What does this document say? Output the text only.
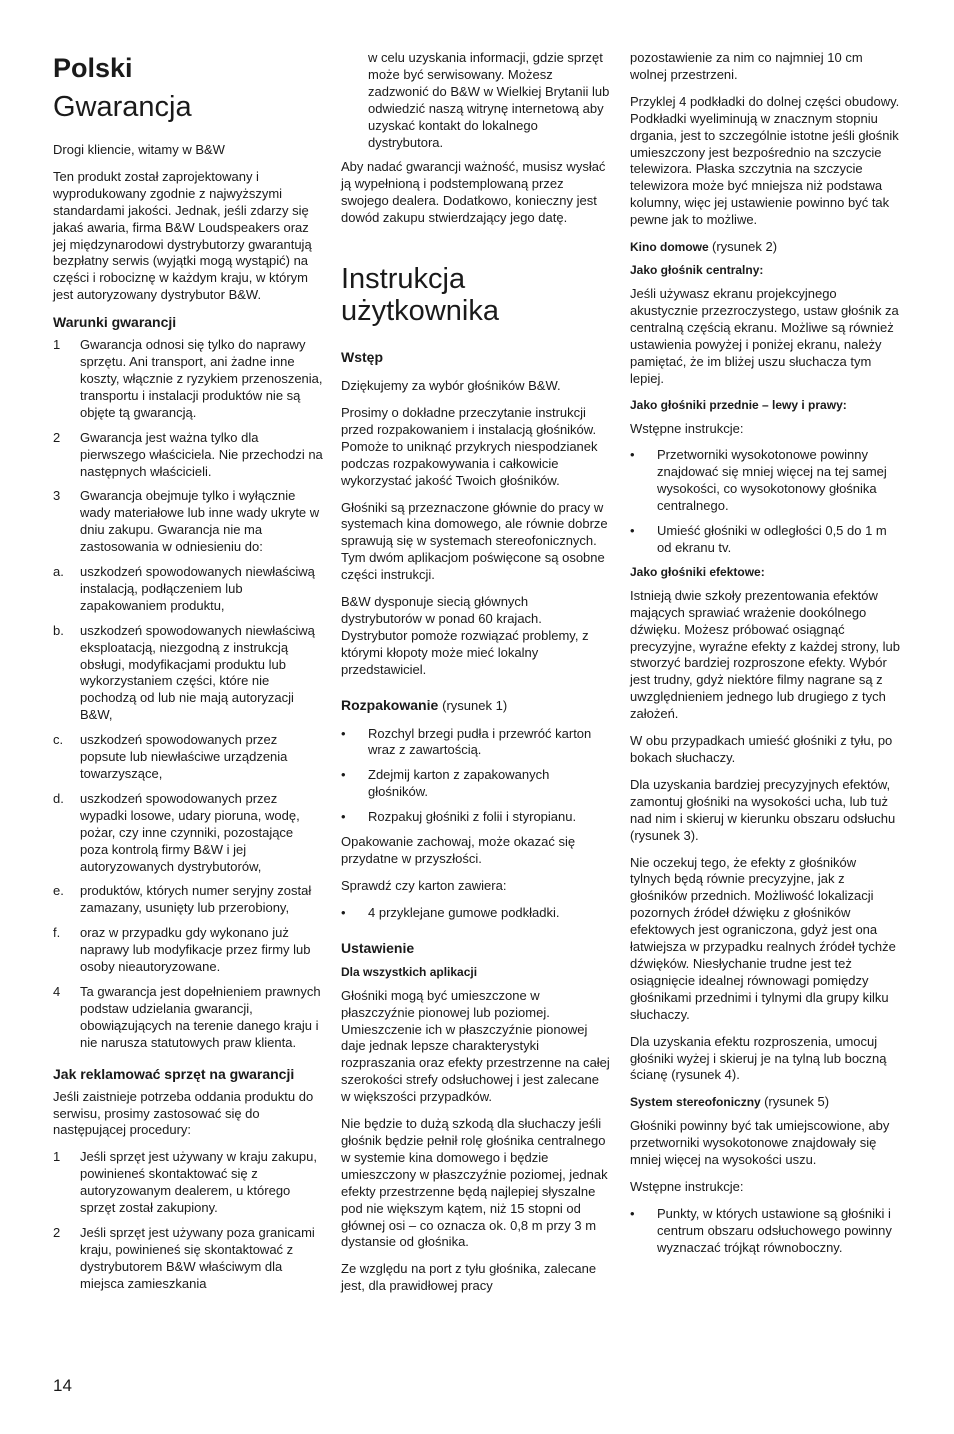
Polski
Gwarancja

Drogi kliencie, witamy w B&W

Ten produkt został zaprojektowany i wyprodukowany zgodnie z najwyższymi standardami jakości. Jednak, jeśli zdarzy się jakaś awaria, firma B&W Loudspeakers oraz jej międzynarodowi dystrybutorzy gwarantują bezpłatny serwis (wyjątki mogą wystąpić) na części i robociznę w każdym kraju, w którym jest autoryzowany dystrybutor B&W.

Warunki gwarancji
1 Gwarancja odnosi się tylko do naprawy sprzętu. Ani transport, ani żadne inne koszty, włącznie z ryzykiem przenoszenia, transportu i instalacji produktów nie są objęte tą gwarancją.
2 Gwarancja jest ważna tylko dla pierwszego właściciela. Nie przechodzi na następnych właścicieli.
3 Gwarancja obejmuje tylko i wyłącznie wady materiałowe lub inne wady ukryte w dniu zakupu. Gwarancja nie ma zastosowania w odniesieniu do:
a. uszkodzeń spowodowanych niewłaściwą instalacją, podłączeniem lub zapakowaniem produktu,
b. uszkodzeń spowodowanych niewłaściwą eksploatacją, niezgodną z instrukcją obsługi, modyfikacjami produktu lub wykorzystaniem części, które nie pochodzą od lub nie mają autoryzacji B&W,
c. uszkodzeń spowodowanych przez popsute lub niewłaściwe urządzenia towarzyszące,
d. uszkodzeń spowodowanych przez wypadki losowe, udary pioruna, wodę, pożar, czy inne czynniki, pozostające poza kontrolą firmy B&W i jej autoryzowanych dystrybutorów,
e. produktów, których numer seryjny został zamazany, usunięty lub przerobiony,
f. oraz w przypadku gdy wykonano już naprawy lub modyfikacje przez firmy lub osoby nieautoryzowane.
4 Ta gwarancja jest dopełnieniem prawnych podstaw udzielania gwarancji, obowiązujących na terenie danego kraju i nie narusza statutowych praw klienta.
Jak reklamować sprzęt na gwarancji

Jeśli zaistnieje potrzeba oddania produktu do serwisu, prosimy zastosować się do następującej procedury:

1 Jeśli sprzęt jest używany w kraju zakupu, powinieneś skontaktować się z autoryzowanym dealerem, u którego sprzęt został zakupiony.
2 Jeśli sprzęt jest używany poza granicami kraju, powinieneś się skontaktować z dystrybutorem B&W właściwym dla miejsca zamieszkania
w celu uzyskania informacji, gdzie sprzęt może być serwisowany. Możesz zadzwonić do B&W w Wielkiej Brytanii lub odwiedzić naszą witrynę internetową aby uzyskać kontakt do lokalnego dystrybutora.

Aby nadać gwarancji ważność, musisz wysłać ją wypełnioną i podstemplowaną przez swojego dealera. Dodatkowo, konieczny jest dowód zakupu stwierdzający jego datę.

Instrukcja użytkownika
Wstęp

Dziękujemy za wybór głośników B&W.

Prosimy o dokładne przeczytanie instrukcji przed rozpakowaniem i instalacją głośników. Pomoże to uniknąć przykrych niespodzianek podczas rozpakowywania i całkowicie wykorzystać jakość Twoich głośników.

Głośniki są przeznaczone głównie do pracy w systemach kina domowego, ale równie dobrze sprawują się w systemach stereofonicznych. Tym dwóm aplikacjom poświęcone są osobne części instrukcji.

B&W dysponuje siecią głównych dystrybutorów w ponad 60 krajach. Dystrybutor pomoże rozwiązać problemy, z którymi kłopoty może mieć lokalny przedstawiciel.

Rozpakowanie (rysunek 1)
• Rozchyl brzegi pudła i przewróć karton wraz z zawartością.
• Zdejmij karton z zapakowanych głośników.
• Rozpakuj głośniki z folii i styropianu.

Opakowanie zachowaj, może okazać się przydatne w przyszłości.

Sprawdź czy karton zawiera:

• 4 przyklejane gumowe podkładki.
Ustawienie
Dla wszystkich aplikacji

Głośniki mogą być umieszczone w płaszczyźnie pionowej lub poziomej. Umieszczenie ich w płaszczyźnie pionowej daje jednak lepsze charakterystyki rozpraszania oraz efekty przestrzenne na całej szerokości strefy odsłuchowej i jest zalecane w większości przypadków.

Nie będzie to dużą szkodą dla słuchaczy jeśli głośnik będzie pełnił rolę głośnika centralnego w systemie kina domowego i będzie umieszczony w płaszczyźnie poziomej, jednak efekty przestrzenne będą najlepiej słyszalne pod nie większym kątem, niż 15 stopni od głównej osi – co oznacza ok. 0,8 m przy 3 m dystansie od głośnika.

Ze względu na port z tyłu głośnika, zalecane jest, dla prawidłowej pracy

pozostawienie za nim co najmniej 10 cm wolnej przestrzeni.

Przyklej 4 podkładki do dolnej części obudowy. Podkładki wyeliminują w znacznym stopniu drgania, jest to szczególnie istotne jeśli głośnik umieszczony jest bezpośrednio na szczycie telewizora. Płaska szczytnia na szczycie telewizora może być mniejsza niż podstawa kolumny, więc jej ustawienie powinno być tak pewne jak to możliwe.

Kino domowe (rysunek 2)
Jako głośnik centralny:

Jeśli używasz ekranu projekcyjnego akustycznie przezroczystego, ustaw głośnik za centralną częścią ekranu. Możliwe są również ustawienia powyżej i poniżej ekranu, należy pamiętać, że im bliżej uszu słuchacza tym lepiej.

Jako głośniki przednie – lewy i prawy:

Wstępne instrukcje:

• Przetworniki wysokotonowe powinny znajdować się mniej więcej na tej samej wysokości, co wysokotonowy głośnika centralnego.
• Umieść głośniki w odległości 0,5 do 1 m od ekranu tv.
Jako głośniki efektowe:

Istnieją dwie szkoły prezentowania efektów mających sprawiać wrażenie dookólnego dźwięku. Możesz próbować osiągnąć precyzyjne, wyraźne efekty z każdej strony, lub stworzyć bardziej rozproszone efekty. Wybór jest trudny, gdyż niektóre filmy nagrane są z uwzględnieniem jednego lub drugiego z tych założeń.

W obu przypadkach umieść głośniki z tyłu, po bokach słuchaczy.

Dla uzyskania bardziej precyzyjnych efektów, zamontuj głośniki na wysokości ucha, lub tuż nad nim i skieruj w kierunku obszaru odsłuchu (rysunek 3).

Nie oczekuj tego, że efekty z głośników tylnych będą równie precyzyjne, jak z głośników przednich. Możliwość lokalizacji pozornych źródeł dźwięku z głośników efektowych jest ograniczona, gdyż jest ona łatwiejsza w przypadku realnych źródeł tychże dźwięków. Niesłychanie trudne jest też osiągnięcie idealnej równowagi pomiędzy głośnikami przednimi i tylnymi dla grupy kilku słuchaczy.

Dla uzyskania efektu rozproszenia, umocuj głośniki wyżej i skieruj je na tylną lub boczną ścianę (rysunek 4).

System stereofoniczny (rysunek 5)

Głośniki powinny być tak umiejscowione, aby przetworniki wysokotonowe znajdowały się mniej więcej na wysokości uszu.

Wstępne instrukcje:

• Punkty, w których ustawione są głośniki i centrum obszaru odsłuchowego powinny wyznaczać trójkąt równoboczny.
14
